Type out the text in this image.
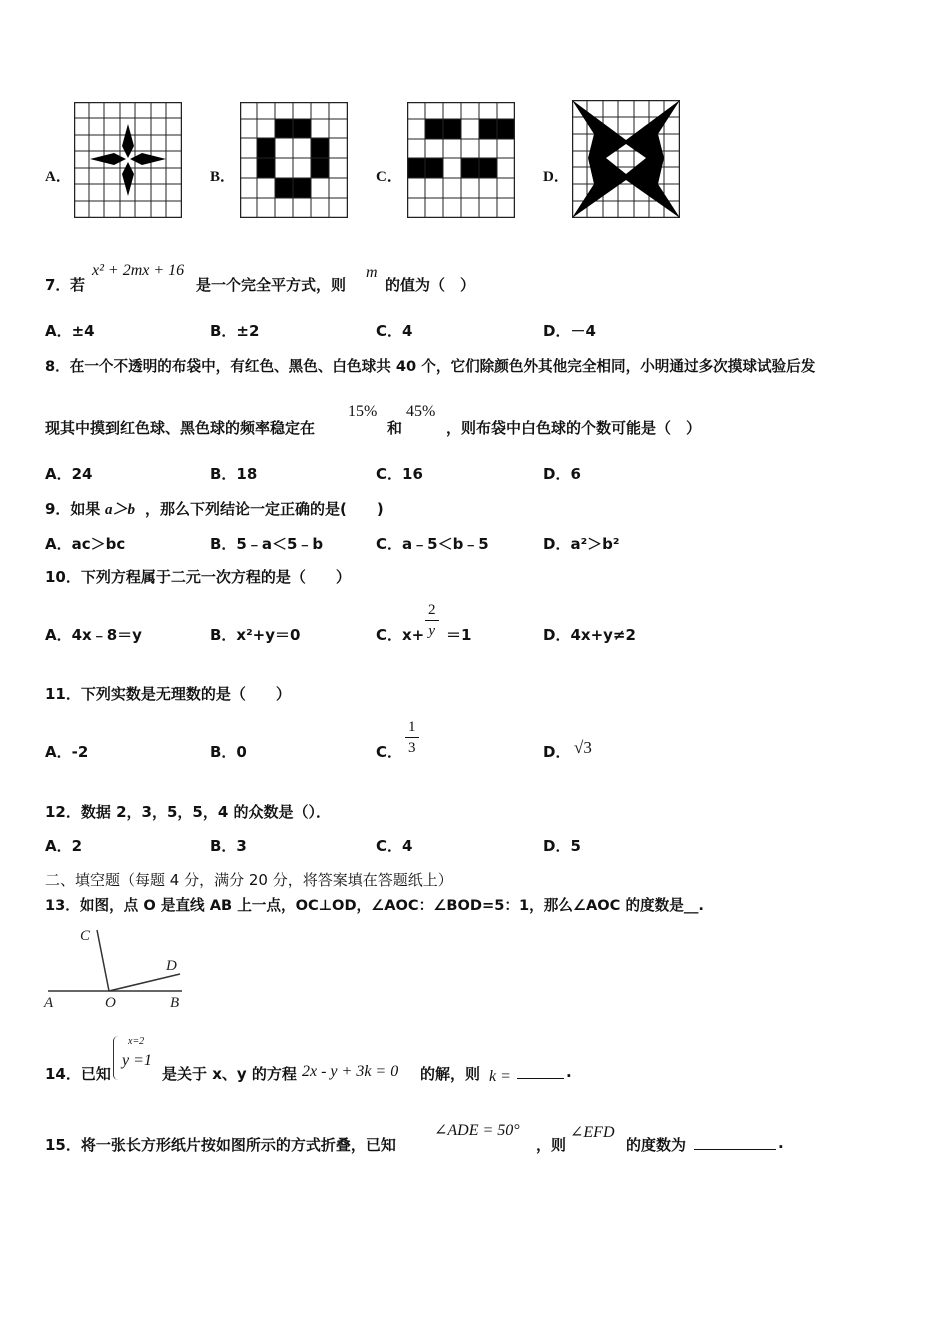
A．	B．	C．	D．
7． 若
x² + 2mx + 16
是一个完全平方式，则
m
的值为（　）
A．±4	B．±2	C．4	D．－4
8．在一个不透明的布袋中，有红色、黑色、白色球共 40 个，它们除颜色外其他完全相同，小明通过多次摸球试验后发
现其中摸到红色球、黑色球的频率稳定在
15%
和
45%
，则布袋中白色球的个数可能是（　）
A．24	B．18	C．16	D．6
9．如果 a＞b ，那么下列结论一定正确的是(　　)
A．ac＞bc	B．5﹣a＜5﹣b	C．a﹣5＜b﹣5	D．a²＞b²
10．下列方程属于二元一次方程的是（　　）
A．4x﹣8＝y	B．x²+y＝0	C．$x+ \frac{2}{y} =1$	D．4x+y≠2
11．下列实数是无理数的是（　　）
A．-2	B．0	C． $\frac{1}{3}$	D． √3
12．数据 2，3，5，5，4 的众数是（）．
A．2	B．3	C．4	D．5
二、填空题（每题 4 分，满分 20 分，将答案填在答题纸上）
13．如图，点 O 是直线 AB 上一点，OC⊥OD，∠AOC：∠BOD=5：1，那么∠AOC 的度数是__.
C
D
A	O	B
14．已知
x=2
y =1
是关于 x、y 的方程 2x - y + 3k = 0 的解，则 k =	.
15．将一张长方形纸片按如图所示的方式折叠，已知
∠ADE = 50°
，则
∠EFD
的度数为	.
